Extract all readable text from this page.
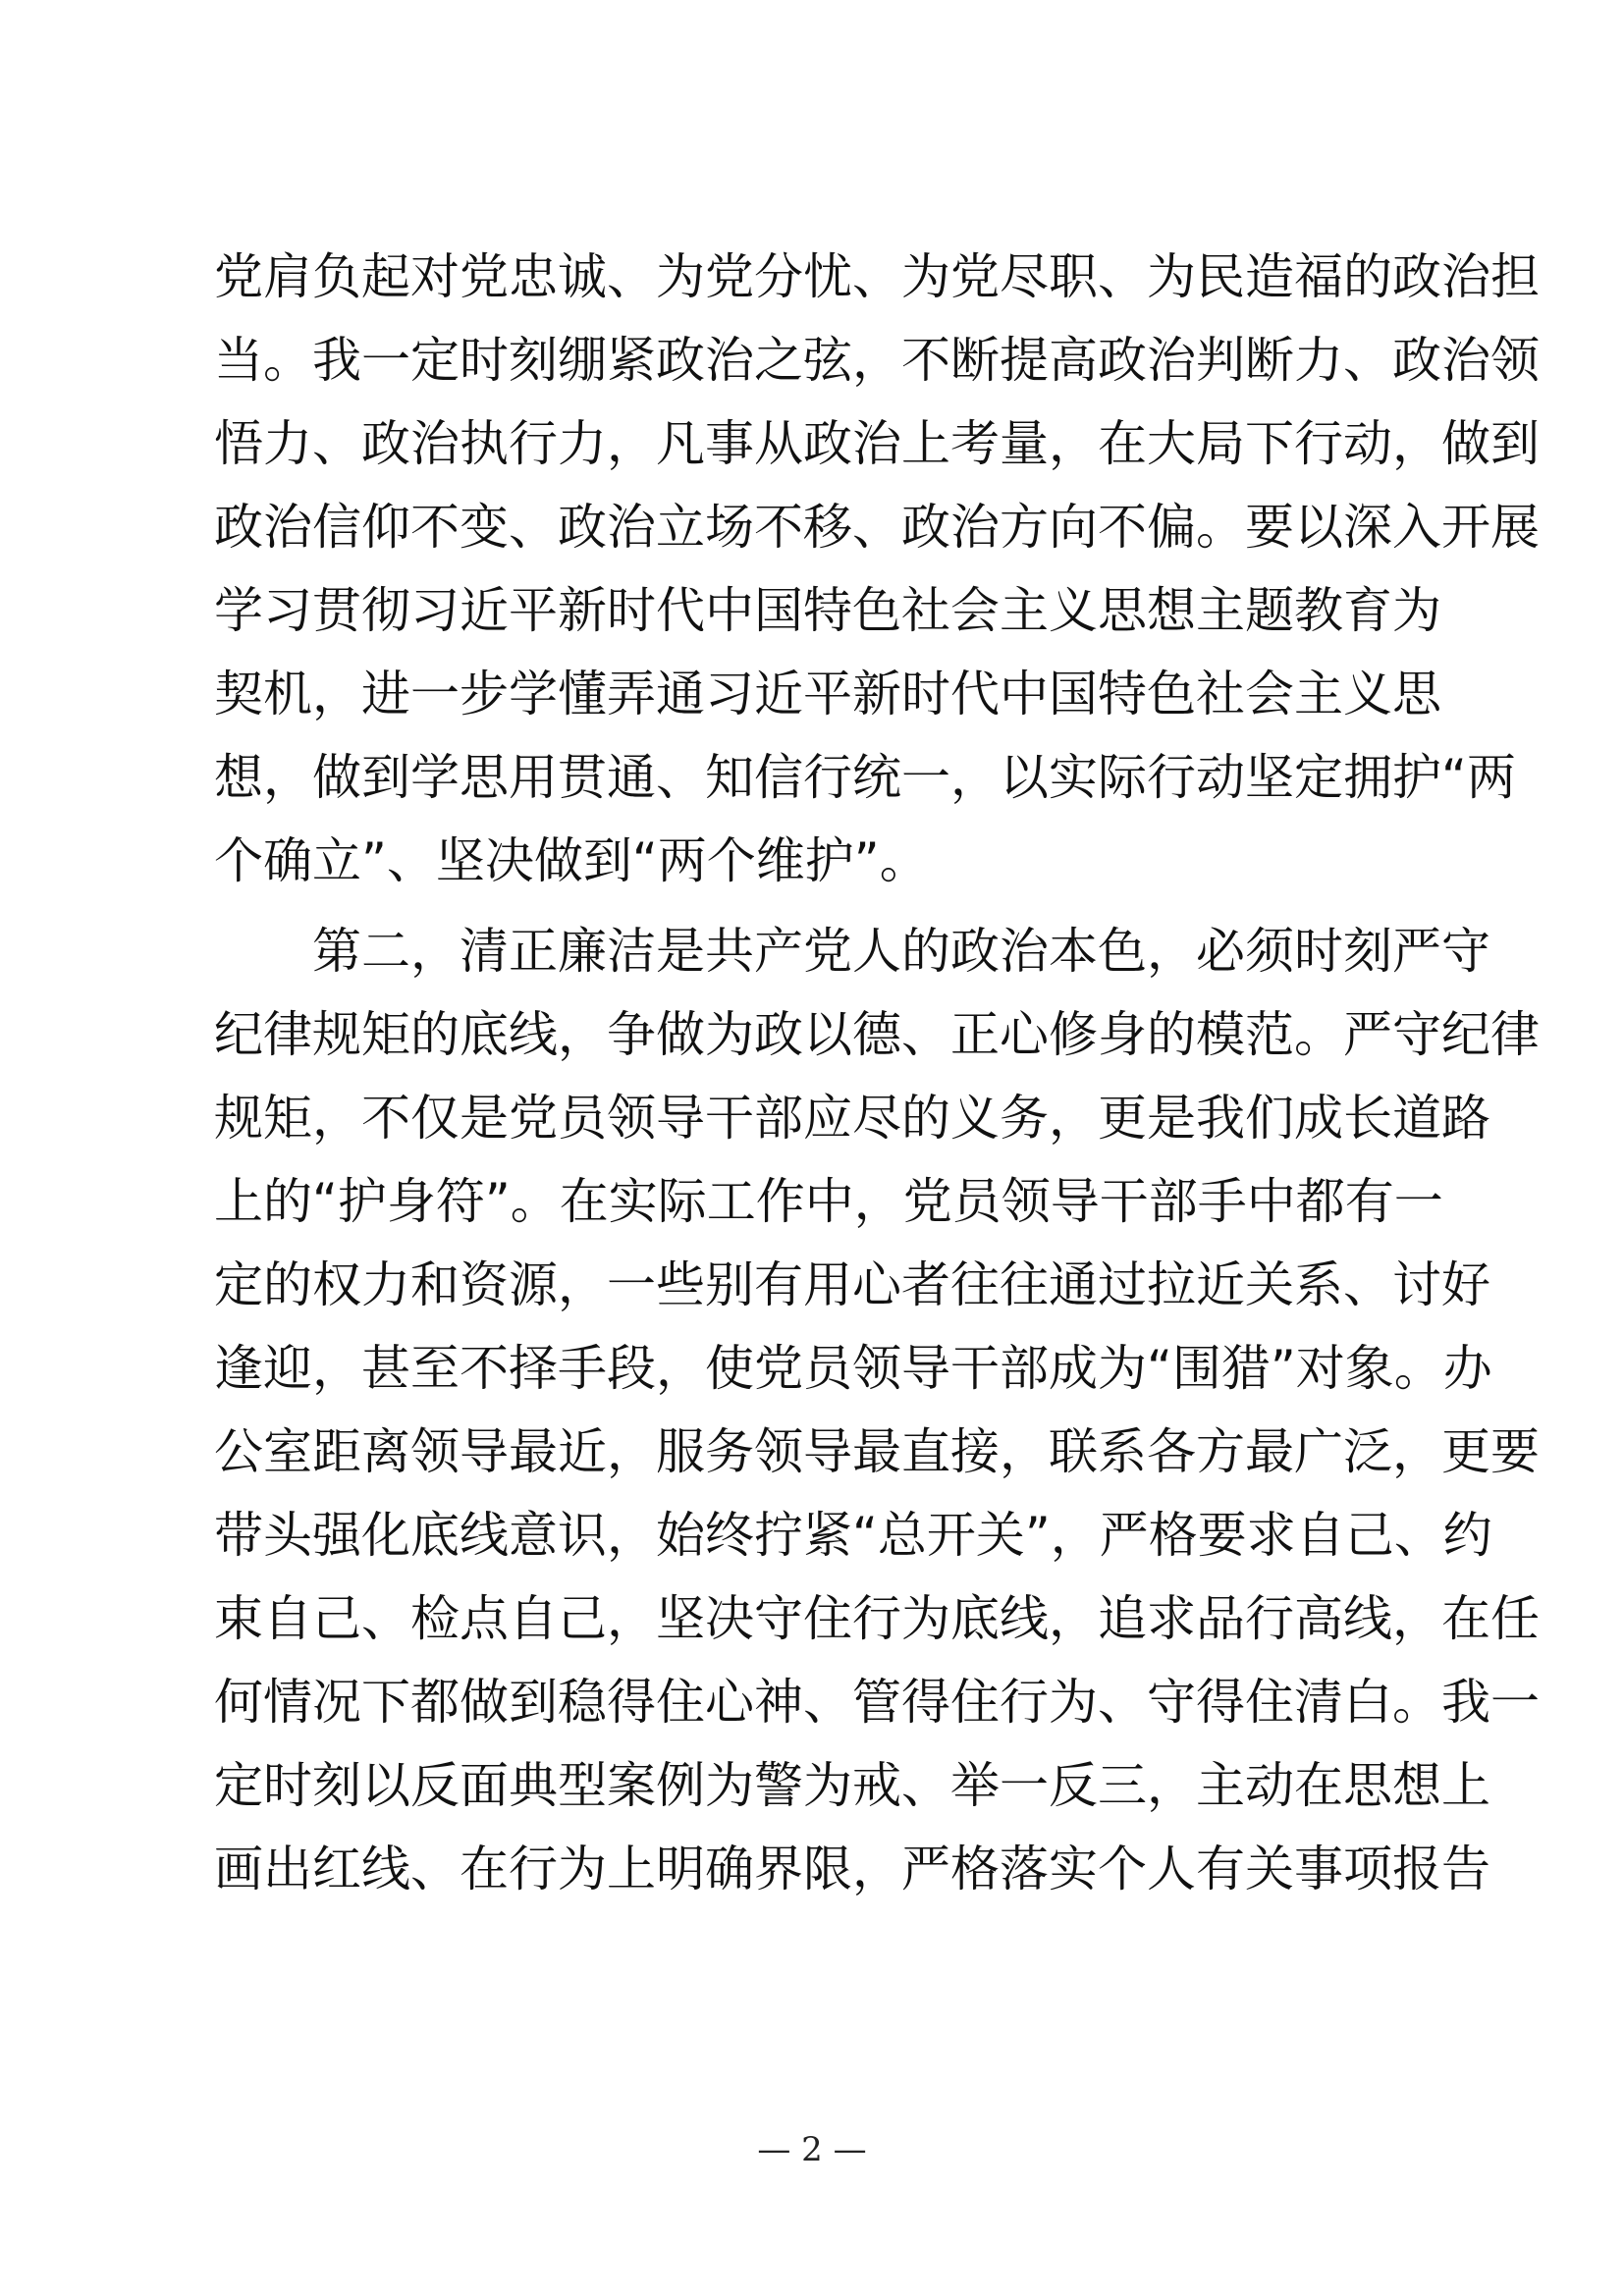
党肩负起对党忠诚、为党分忧、为党尽职、为民造福的政治担
当。我一定时刻绷紧政治之弦，不断提高政治判断力、政治领
悟力、政治执行力，凡事从政治上考量，在大局下行动，做到
政治信仰不变、政治立场不移、政治方向不偏。要以深入开展
学习贯彻习近平新时代中国特色社会主义思想主题教育为
契机，进一步学懂弄通习近平新时代中国特色社会主义思
想，做到学思用贯通、知信行统一，以实际行动坚定拥护“两
个确立”、坚决做到“两个维护”。
第二，清正廉洁是共产党人的政治本色，必须时刻严守
纪律规矩的底线，争做为政以德、正心修身的模范。严守纪律
规矩，不仅是党员领导干部应尽的义务，更是我们成长道路
上的“护身符”。在实际工作中，党员领导干部手中都有一
定的权力和资源，一些别有用心者往往通过拉近关系、讨好
逢迎，甚至不择手段，使党员领导干部成为“围猎”对象。办
公室距离领导最近，服务领导最直接，联系各方最广泛，更要
带头强化底线意识，始终拧紧“总开关”，严格要求自己、约
束自己、检点自己，坚决守住行为底线，追求品行高线，在任
何情况下都做到稳得住心神、管得住行为、守得住清白。我一
定时刻以反面典型案例为警为戒、举一反三，主动在思想上
画出红线、在行为上明确界限，严格落实个人有关事项报告
— 2 —
